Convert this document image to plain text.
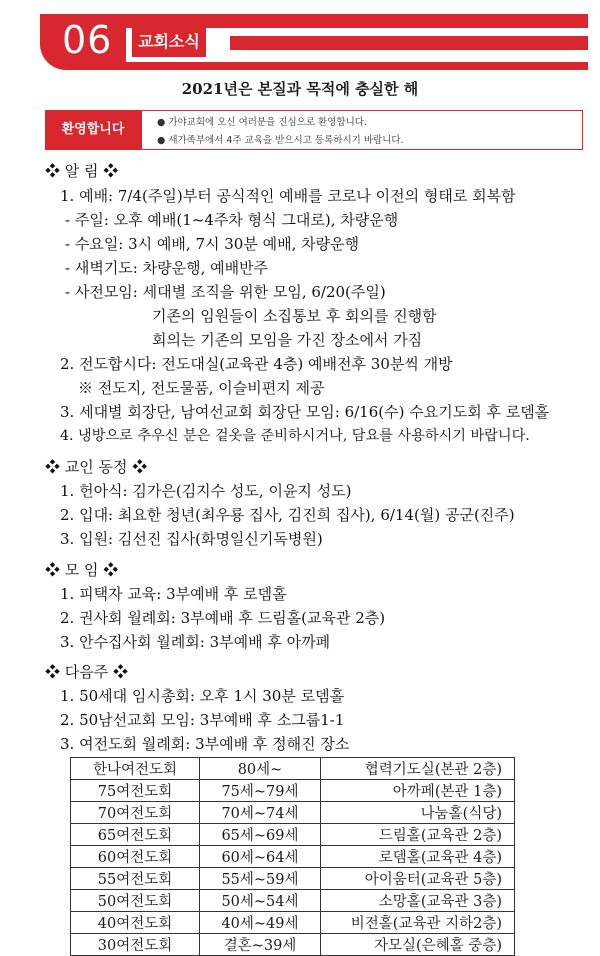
06	교회소식
2021년은 본질과 목적에 충실한 해
환영합니다	● 가야교회에 오신 여러분을 진심으로 환영합니다.
● 새가족부에서 4주 교육을 받으시고 등록하시기 바랍니다.
❖ 알 림 ❖
1. 예배: 7/4(주일)부터 공식적인 예배를 코로나 이전의 형태로 회복함
- 주일: 오후 예배(1~4주차 형식 그대로), 차량운행
- 수요일: 3시 예배, 7시 30분 예배, 차량운행
- 새벽기도: 차량운행, 예배반주
- 사전모임: 세대별 조직을 위한 모임, 6/20(주일)
기존의 임원들이 소집통보 후 회의를 진행함
회의는 기존의 모임을 가진 장소에서 가짐
2. 전도합시다: 전도대실(교육관 4층) 예배전후 30분씩 개방
※ 전도지, 전도물품, 이슬비편지 제공
3. 세대별 회장단, 남여선교회 회장단 모임: 6/16(수) 수요기도회 후 로뎀홀
4. 냉방으로 추우신 분은 겉옷을 준비하시거나, 담요를 사용하시기 바랍니다.
❖ 교인 동정 ❖
1. 헌아식: 김가은(김지수 성도, 이윤지 성도)
2. 입대: 최요한 청년(최우룡 집사, 김진희 집사), 6/14(월) 공군(진주)
3. 입원: 김선진 집사(화명일신기독병원)
❖ 모 임 ❖
1. 피택자 교육: 3부예배 후 로뎀홀
2. 권사회 월례회: 3부예배 후 드림홀(교육관 2층)
3. 안수집사회 월례회: 3부예배 후 아까페
❖ 다음주 ❖
1. 50세대 임시총회: 오후 1시 30분 로뎀홀
2. 50남선교회 모임: 3부예배 후 소그룹1-1
3. 여전도회 월례회: 3부예배 후 정해진 장소
한나여전도회	80세~	협력기도실(본관 2층)
75여전도회	75세~79세	아까페(본관 1층)
70여전도회	70세~74세	나눔홀(식당)
65여전도회	65세~69세	드림홀(교육관 2층)
60여전도회	60세~64세	로뎀홀(교육관 4층)
55여전도회	55세~59세	아이움터(교육관 5층)
50여전도회	50세~54세	소망홀(교육관 3층)
40여전도회	40세~49세	비전홀(교육관 지하2층)
30여전도회	결혼~39세	자모실(은혜홀 중층)
